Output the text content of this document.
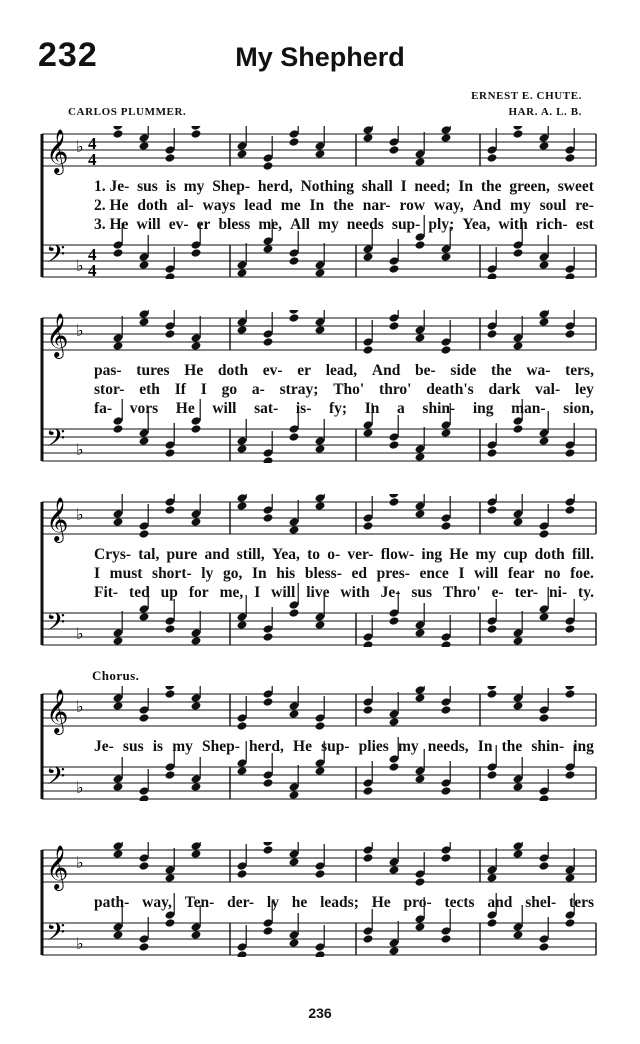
232	My Shepherd
CARLOS PLUMMER.
ERNEST E. CHUTE.
HAR. A. L. B.
𝄞 ♭ 4
4
𝄢 ♭
4
4
1. Je- sus is my Shep- herd, Nothing shall I need; In the green, sweet
2. He doth al- ways lead me In the nar- row way, And my soul re-
3. He will ev- er bless me, All my needs sup- ply; Yea, with rich- est
𝄞 ♭
𝄢 ♭
pas- tures He doth ev- er lead, And be- side the wa- ters,
stor- eth If I go a- stray; Tho' thro' death's dark val- ley
fa- vors He will sat- is- fy; In a shin- ing man- sion,
𝄞 ♭
𝄢 ♭
Crys- tal, pure and still, Yea, to o- ver- flow- ing He my cup doth fill.
I must short- ly go, In his bless- ed pres- ence I will fear no foe.
Fit- ted up for me, I will live with Je- sus Thro' e- ter- ni- ty.
Chorus.
𝄞 ♭
𝄢 ♭
Je- sus is my Shep- herd, He sup- plies my needs, In the shin- ing
𝄞 ♭
𝄢 ♭
path- way, Ten- der- ly he leads; He pro- tects and shel- ters
236
